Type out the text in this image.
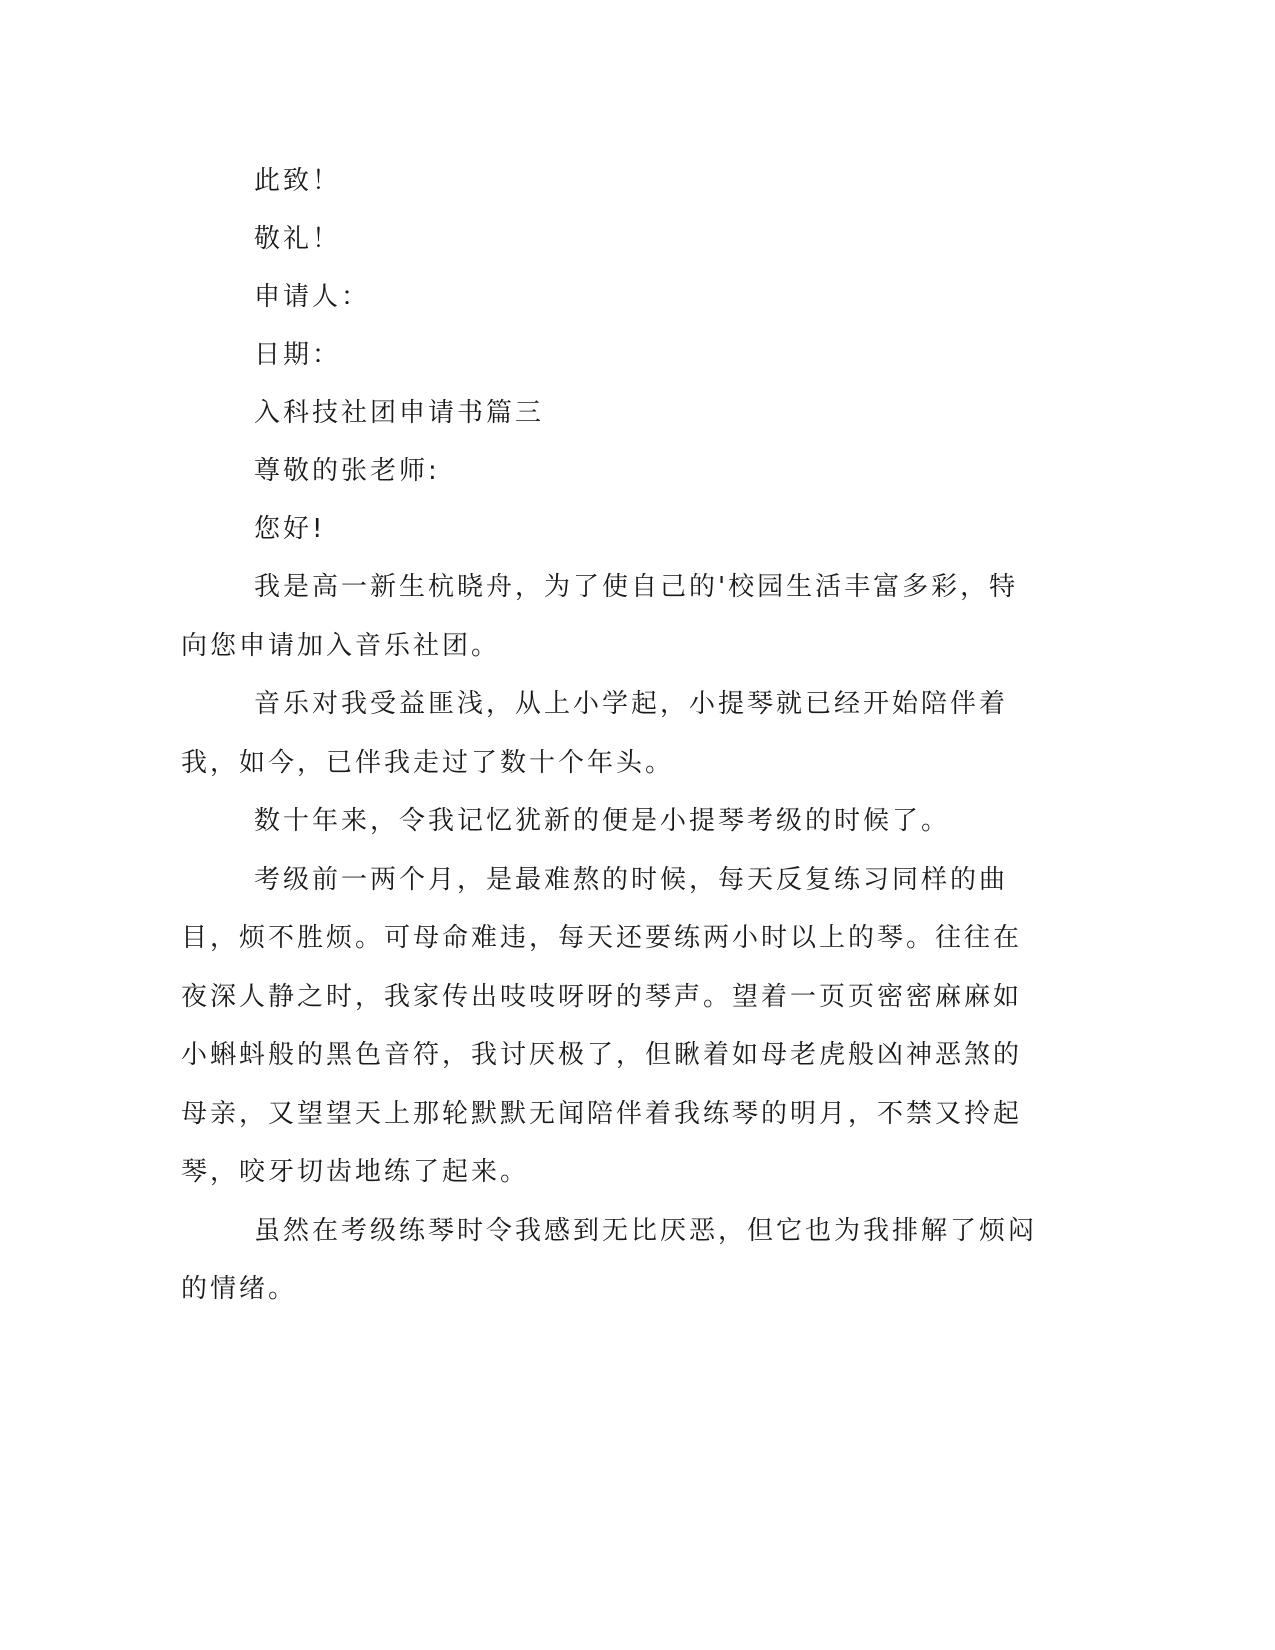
此致！

敬礼！

申请人：

日期：

入科技社团申请书篇三

尊敬的张老师:

您好!

我是高一新生杭晓舟，为了使自己的'校园生活丰富多彩，特向您申请加入音乐社团。

音乐对我受益匪浅，从上小学起，小提琴就已经开始陪伴着我，如今，已伴我走过了数十个年头。

数十年来，令我记忆犹新的便是小提琴考级的时候了。

考级前一两个月，是最难熬的时候，每天反复练习同样的曲目，烦不胜烦。可母命难违，每天还要练两小时以上的琴。往往在夜深人静之时，我家传出吱吱呀呀的琴声。望着一页页密密麻麻如小蝌蚪般的黑色音符，我讨厌极了，但瞅着如母老虎般凶神恶煞的母亲，又望望天上那轮默默无闻陪伴着我练琴的明月，不禁又拎起琴，咬牙切齿地练了起来。

虽然在考级练琴时令我感到无比厌恶，但它也为我排解了烦闷的情绪。
